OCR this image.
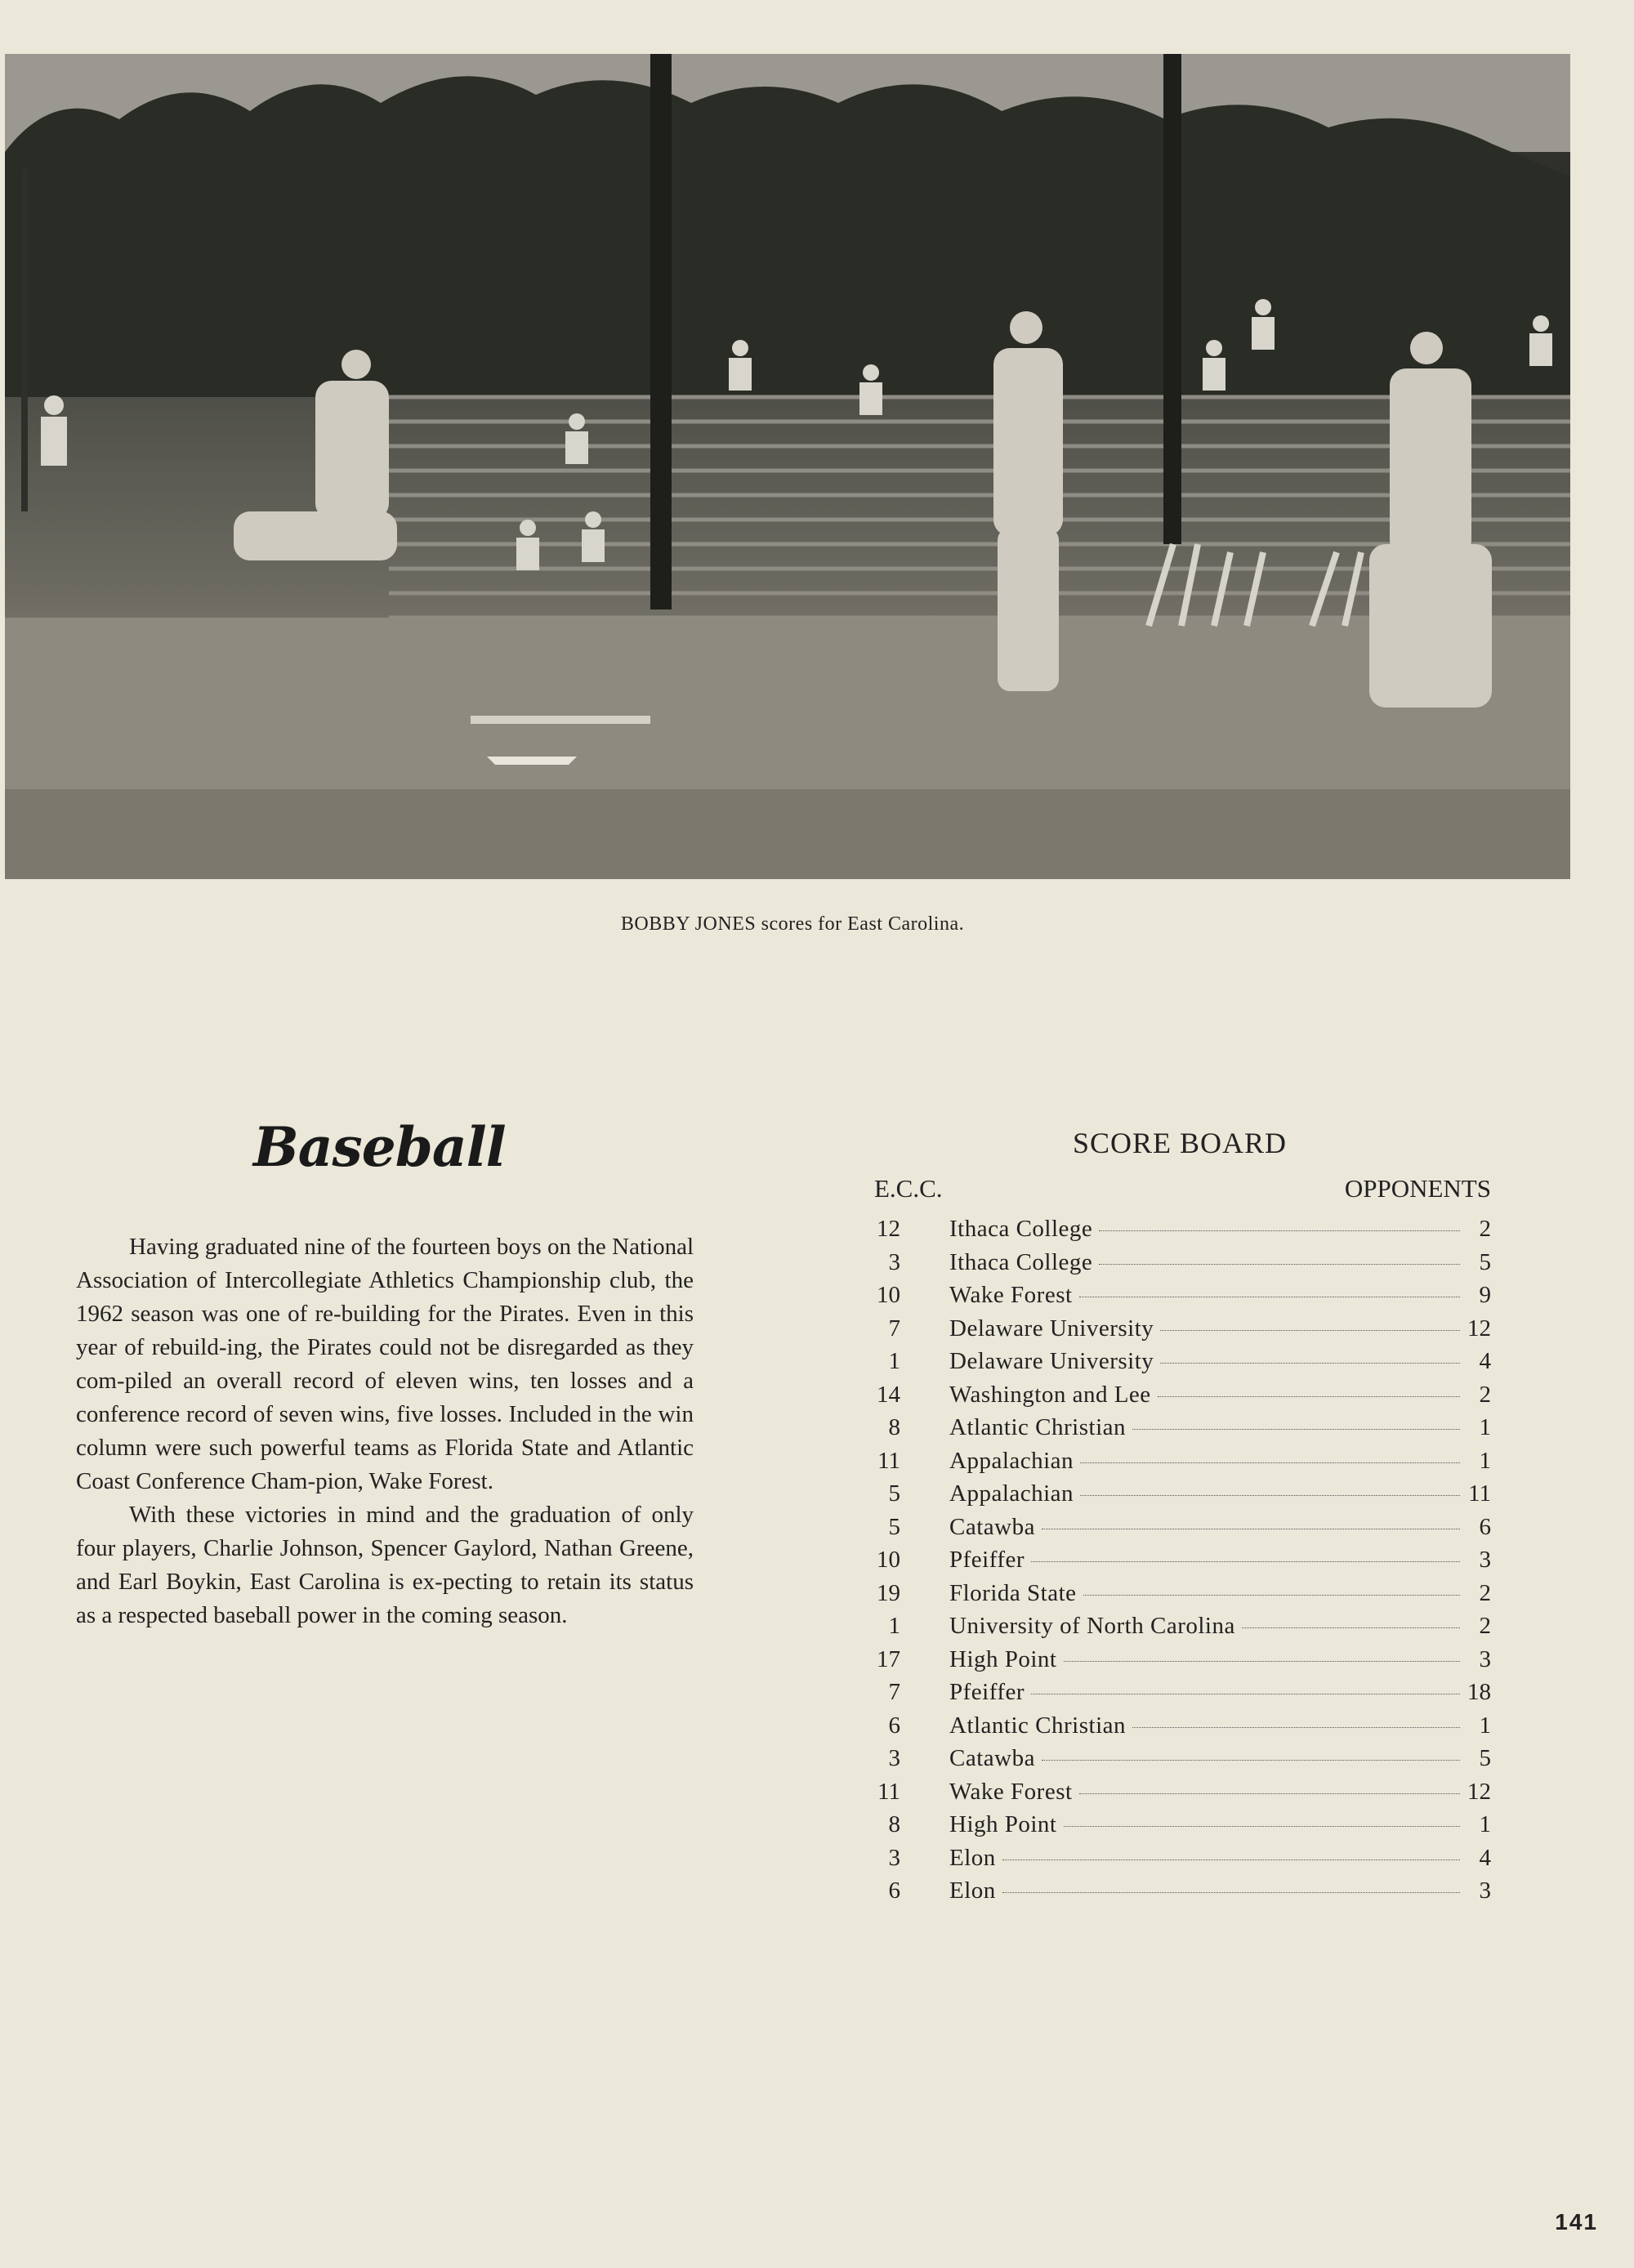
BOBBY JONES scores for East Carolina.
Baseball

Having graduated nine of the fourteen boys on the National Association of Intercollegiate Athletics Championship club, the 1962 season was one of re-building for the Pirates. Even in this year of rebuild-ing, the Pirates could not be disregarded as they com-piled an overall record of eleven wins, ten losses and a conference record of seven wins, five losses. Included in the win column were such powerful teams as Florida State and Atlantic Coast Conference Cham-pion, Wake Forest.

With these victories in mind and the graduation of only four players, Charlie Johnson, Spencer Gaylord, Nathan Greene, and Earl Boykin, East Carolina is ex-pecting to retain its status as a respected baseball power in the coming season.

SCORE BOARD
E.C.C.	OPPONENTS
12 Ithaca College	2
3 Ithaca College	5
10 Wake Forest	9
7 Delaware University	12
1 Delaware University	4
14 Washington and Lee	2
8 Atlantic Christian	1
11 Appalachian	1
5 Appalachian	11
5 Catawba	6
10 Pfeiffer	3
19 Florida State	2
1 University of North Carolina	2
17 High Point	3
7 Pfeiffer	18
6 Atlantic Christian	1
3 Catawba	5
11 Wake Forest	12
8 High Point	1
3 Elon	4
6 Elon	3
141
